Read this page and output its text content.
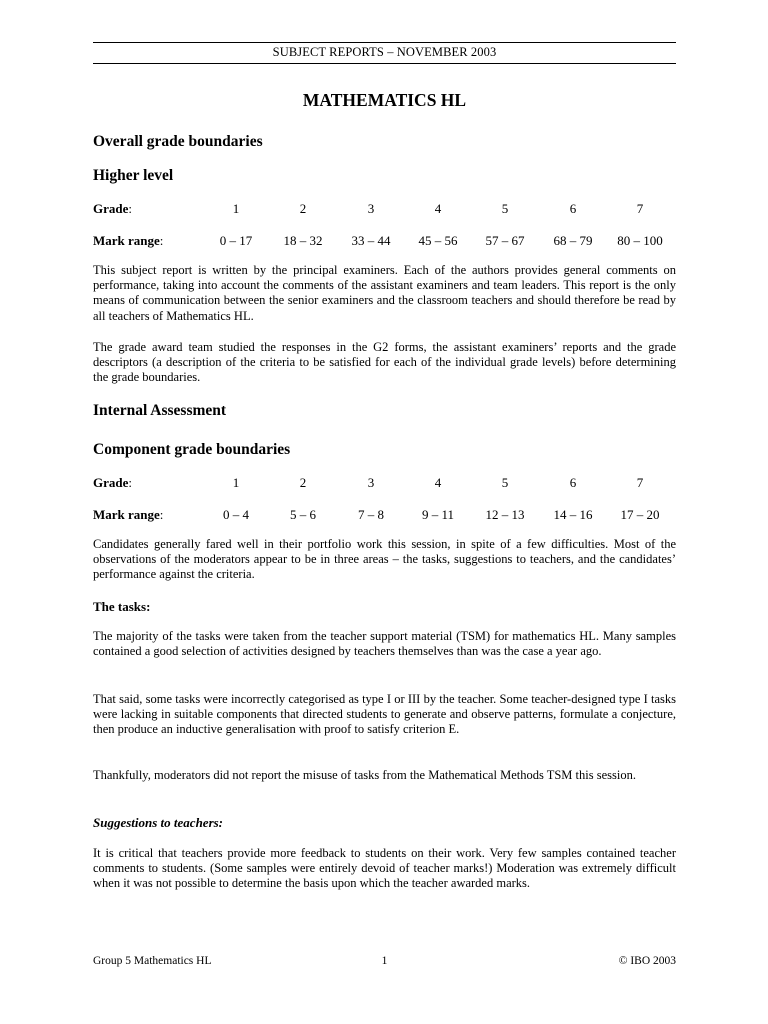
SUBJECT REPORTS – NOVEMBER 2003
MATHEMATICS HL
Overall grade boundaries
Higher level
Grade:	1	2	3	4	5	6	7
Mark range:	0 – 17	18 – 32	33 – 44	45 – 56	57 – 67	68 – 79	80 – 100

This subject report is written by the principal examiners. Each of the authors provides general comments on performance, taking into account the comments of the assistant examiners and team leaders. This report is the only means of communication between the senior examiners and the classroom teachers and should therefore be read by all teachers of Mathematics HL.

The grade award team studied the responses in the G2 forms, the assistant examiners’ reports and the grade descriptors (a description of the criteria to be satisfied for each of the individual grade levels) before determining the grade boundaries.

Internal Assessment
Component grade boundaries
Grade:	1	2	3	4	5	6	7
Mark range:	0 – 4	5 – 6	7 – 8	9 – 11	12 – 13	14 – 16	17 – 20

Candidates generally fared well in their portfolio work this session, in spite of a few difficulties. Most of the observations of the moderators appear to be in three areas – the tasks, suggestions to teachers, and the candidates’ performance against the criteria.

The tasks:

The majority of the tasks were taken from the teacher support material (TSM) for mathematics HL. Many samples contained a good selection of activities designed by teachers themselves than was the case a year ago.

That said, some tasks were incorrectly categorised as type I or III by the teacher. Some teacher-designed type I tasks were lacking in suitable components that directed students to generate and observe patterns, formulate a conjecture, then produce an inductive generalisation with proof to satisfy criterion E.

Thankfully, moderators did not report the misuse of tasks from the Mathematical Methods TSM this session.

Suggestions to teachers:

It is critical that teachers provide more feedback to students on their work. Very few samples contained teacher comments to students. (Some samples were entirely devoid of teacher marks!) Moderation was extremely difficult when it was not possible to determine the basis upon which the teacher awarded marks.

Group 5 Mathematics HL	1	© IBO 2003
